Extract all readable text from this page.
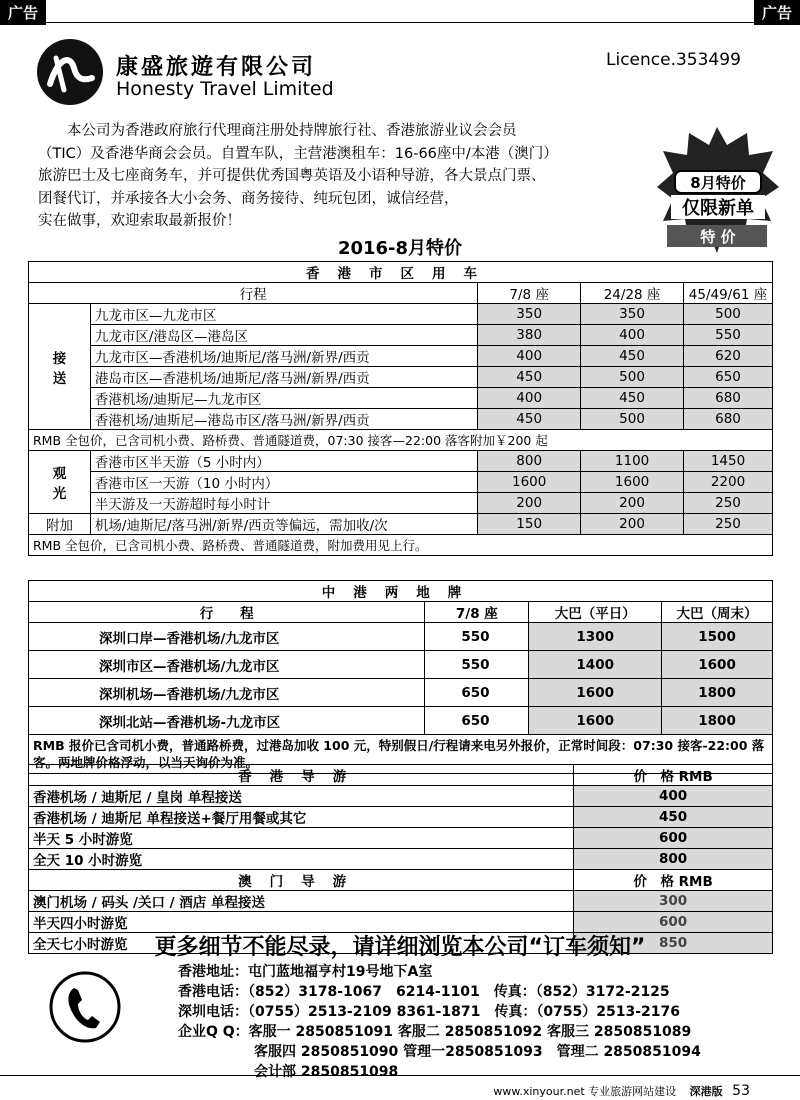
广告	广告
康盛旅遊有限公司
Honesty Travel Limited
Licence.353499

本公司为香港政府旅行代理商注册处持牌旅行社、香港旅游业议会会员

（TIC）及香港华商会会员。自置车队，主营港澳租车：16-66座中/本港（澳门）

旅游巴士及七座商务车，并可提供优秀国粤英语及小语种导游，各大景点门票、

团餐代订，并承接各大小会务、商务接待、纯玩包团，诚信经营，

实在做事，欢迎索取最新报价！

8月特价
仅限新单
特 价
2016-8月特价
香港市区用车				
行程		7/8 座	24/28 座	45/49/61 座
接
送	九龙市区—九龙市区	350	350	500
	九龙市区/港岛区—港岛区	380	400	550
	九龙市区—香港机场/迪斯尼/落马洲/新界/西贡	400	450	620
	港岛市区—香港机场/迪斯尼/落马洲/新界/西贡	450	500	650
	香港机场/迪斯尼—九龙市区	400	450	680
	香港机场/迪斯尼—港岛市区/落马洲/新界/西贡	450	500	680
RMB 全包价，已含司机小费、路桥费、普通隧道费，07:30 接客—22:00 落客附加￥200 起				
观
光	香港市区半天游（5 小时内）	800	1100	1450
	香港市区一天游（10 小时内）	1600	1600	2200
	半天游及一天游超时每小时计	200	200	250
附加	机场/迪斯尼/落马洲/新界/西贡等偏远，需加收/次	150	200	250
RMB 全包价，已含司机小费、路桥费、普通隧道费，附加费用见上行。				
中港两地牌			
行　　程	7/8 座	大巴（平日）	大巴（周末）
深圳口岸—香港机场/九龙市区	550	1300	1500
深圳市区—香港机场/九龙市区	550	1400	1600
深圳机场—香港机场/九龙市区	650	1600	1800
深圳北站—香港机场-九龙市区	650	1600	1800
RMB 报价已含司机小费，普通路桥费，过港岛加收 100 元，特别假日/行程请来电另外报价，正常时间段：07:30 接客-22:00 落客。两地牌价格浮动，以当天询价为准。			
香港导游	价　格 RMB
香港机场 / 迪斯尼 / 皇岗 单程接送	400
香港机场 / 迪斯尼 单程接送+餐厅用餐或其它	450
半天 5 小时游览	600
全天 10 小时游览	800
澳门导游	价　格 RMB
澳门机场 / 码头 /关口 / 酒店 单程接送	300
半天四小时游览	600
全天七小时游览	850
更多细节不能尽录，请详细浏览本公司“订车须知”
香港地址：屯门蓝地福亨村19号地下A室
香港电话：（852）3178-1067　6214-1101　传真：（852）3172-2125
深圳电话：（0755）2513-2109 8361-1871　传真：（0755）2513-2176
企业Q Q：客服一 2850851091 客服二 2850851092 客服三 2850851089
客服四 2850851090 管理一2850851093　管理二 2850851094
会计部 2850851098
www.xinyour.net 专业旅游网站建设 深港版 53
